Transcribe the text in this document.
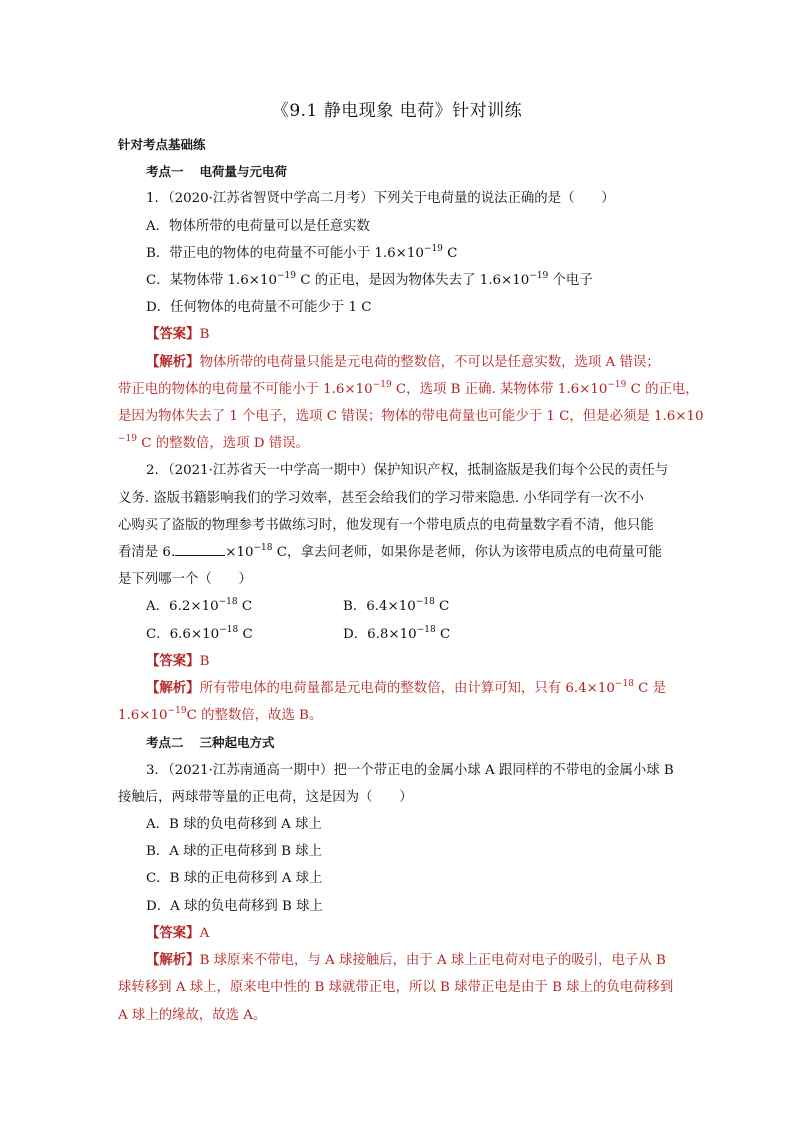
《9.1 静电现象 电荷》针对训练
针对考点基础练
考点一 电荷量与元电荷
1．（2020·江苏省智贤中学高二月考）下列关于电荷量的说法正确的是（　　）
A．物体所带的电荷量可以是任意实数
B．带正电的物体的电荷量不可能小于 $1.6\times 10^{-19}$ C
C．某物体带 $1.6\times 10^{-19}$ C 的正电，是因为物体失去了 $1.6\times 10^{-19}$ 个电子
D．任何物体的电荷量不可能少于 1 C
【答案】B
【解析】物体所带的电荷量只能是元电荷的整数倍，不可以是任意实数，选项 A 错误；
带正电的物体的电荷量不可能小于 $1.6\times 10^{-19}$ C，选项 B 正确. 某物体带 $1.6\times 10^{-19}$ C 的正电，
是因为物体失去了 1 个电子，选项 C 错误；物体的带电荷量也可能少于 1 C，但是必须是 1.6×10
$^{-19}$ C 的整数倍，选项 D 错误。
2．（2021·江苏省天一中学高一期中）保护知识产权，抵制盗版是我们每个公民的责任与
义务. 盗版书籍影响我们的学习效率，甚至会给我们的学习带来隐患. 小华同学有一次不小
心购买了盗版的物理参考书做练习时，他发现有一个带电质点的电荷量数字看不清，他只能
看清是 6.	$\times 10^{-18}$ C，拿去问老师，如果你是老师，你认为该带电质点的电荷量可能
是下列哪一个（　　）
A．$6.2\times 10^{-18}$ C	B．$6.4\times 10^{-18}$ C
C．$6.6\times 10^{-18}$ C	D．$6.8\times 10^{-18}$ C
【答案】B
【解析】所有带电体的电荷量都是元电荷的整数倍，由计算可知，只有 $6.4\times 10^{-18}$ C 是
$1.6\times 10^{-19}C$ 的整数倍，故选 B。
考点二 三种起电方式
3．（2021·江苏南通高一期中）把一个带正电的金属小球 A 跟同样的不带电的金属小球 B
接触后，两球带等量的正电荷，这是因为（　　）
A．B 球的负电荷移到 A 球上
B．A 球的正电荷移到 B 球上
C．B 球的正电荷移到 A 球上
D．A 球的负电荷移到 B 球上
【答案】A
【解析】B 球原来不带电，与 A 球接触后，由于 A 球上正电荷对电子的吸引，电子从 B
球转移到 A 球上，原来电中性的 B 球就带正电，所以 B 球带正电是由于 B 球上的负电荷移到
A 球上的缘故，故选 A。
